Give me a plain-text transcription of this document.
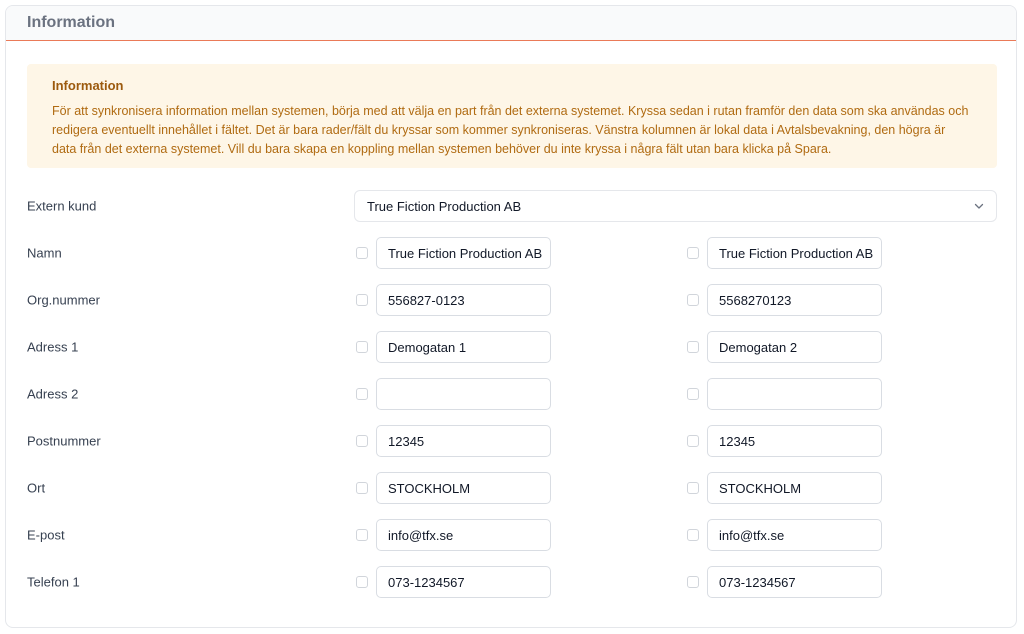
Information
Information
För att synkronisera information mellan systemen, börja med att välja en part från det externa systemet. Kryssa sedan i rutan framför den data som ska användas och redigera eventuellt innehållet i fältet. Det är bara rader/fält du kryssar som kommer synkroniseras. Vänstra kolumnen är lokal data i Avtalsbevakning, den högra är data från det externa systemet. Vill du bara skapa en koppling mellan systemen behöver du inte kryssa i några fält utan bara klicka på Spara.
Extern kund	True Fiction Production AB
Namn	True Fiction Production AB	True Fiction Production AB
Org.nummer	556827-0123	5568270123
Adress 1	Demogatan 1	Demogatan 2
Adress 2
Postnummer	12345	12345
Ort	STOCKHOLM	STOCKHOLM
E-post	info@tfx.se	info@tfx.se
Telefon 1	073-1234567	073-1234567
